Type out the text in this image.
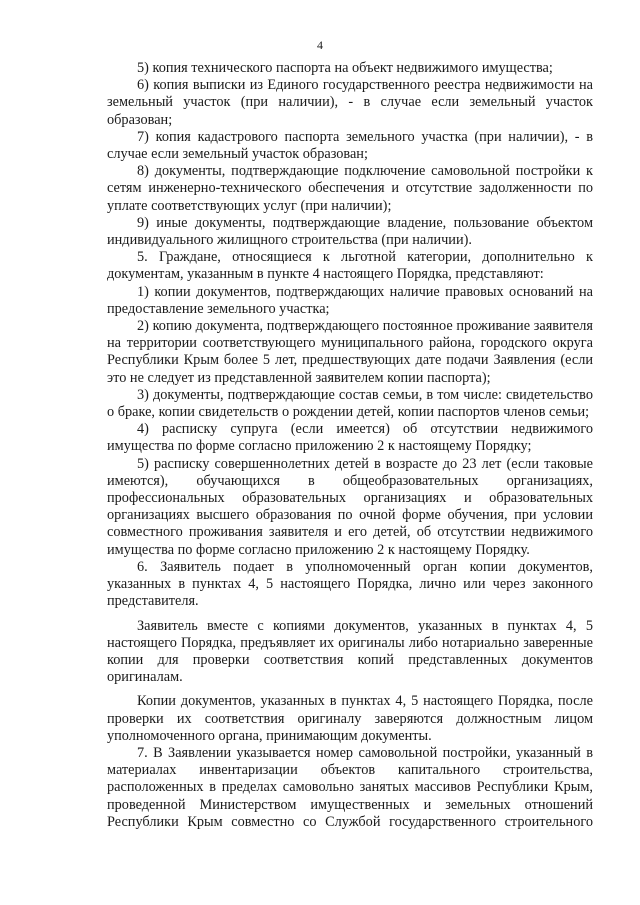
4

5) копия технического паспорта на объект недвижимого имущества;

6) копия выписки из Единого государственного реестра недвижимости на земельный участок (при наличии), - в случае если земельный участок образован;

7) копия кадастрового паспорта земельного участка (при наличии), - в случае если земельный участок образован;

8) документы, подтверждающие подключение самовольной постройки к сетям инженерно-технического обеспечения и отсутствие задолженности по уплате соответствующих услуг (при наличии);

9) иные документы, подтверждающие владение, пользование объектом индивидуального жилищного строительства (при наличии).

5. Граждане, относящиеся к льготной категории, дополнительно к документам, указанным в пункте 4 настоящего Порядка, представляют:

1) копии документов, подтверждающих наличие правовых оснований на предоставление земельного участка;

2) копию документа, подтверждающего постоянное проживание заявителя на территории соответствующего муниципального района, городского округа Республики Крым более 5 лет, предшествующих дате подачи Заявления (если это не следует из представленной заявителем копии паспорта);

3) документы, подтверждающие состав семьи, в том числе: свидетельство о браке, копии свидетельств о рождении детей, копии паспортов членов семьи;

4) расписку супруга (если имеется) об отсутствии недвижимого имущества по форме согласно приложению 2 к настоящему Порядку;

5) расписку совершеннолетних детей в возрасте до 23 лет (если таковые имеются), обучающихся в общеобразовательных организациях, профессиональных образовательных организациях и образовательных организациях высшего образования по очной форме обучения, при условии совместного проживания заявителя и его детей, об отсутствии недвижимого имущества по форме согласно приложению 2 к настоящему Порядку.

6. Заявитель подает в уполномоченный орган копии документов, указанных в пунктах 4, 5 настоящего Порядка, лично или через законного представителя.

Заявитель вместе с копиями документов, указанных в пунктах 4, 5 настоящего Порядка, предъявляет их оригиналы либо нотариально заверенные копии для проверки соответствия копий представленных документов оригиналам.

Копии документов, указанных в пунктах 4, 5 настоящего Порядка, после проверки их соответствия оригиналу заверяются должностным лицом уполномоченного органа, принимающим документы.

7. В Заявлении указывается номер самовольной постройки, указанный в материалах инвентаризации объектов капитального строительства, расположенных в пределах самовольно занятых массивов Республики Крым, проведенной Министерством имущественных и земельных отношений Республики Крым совместно со Службой государственного строительного
